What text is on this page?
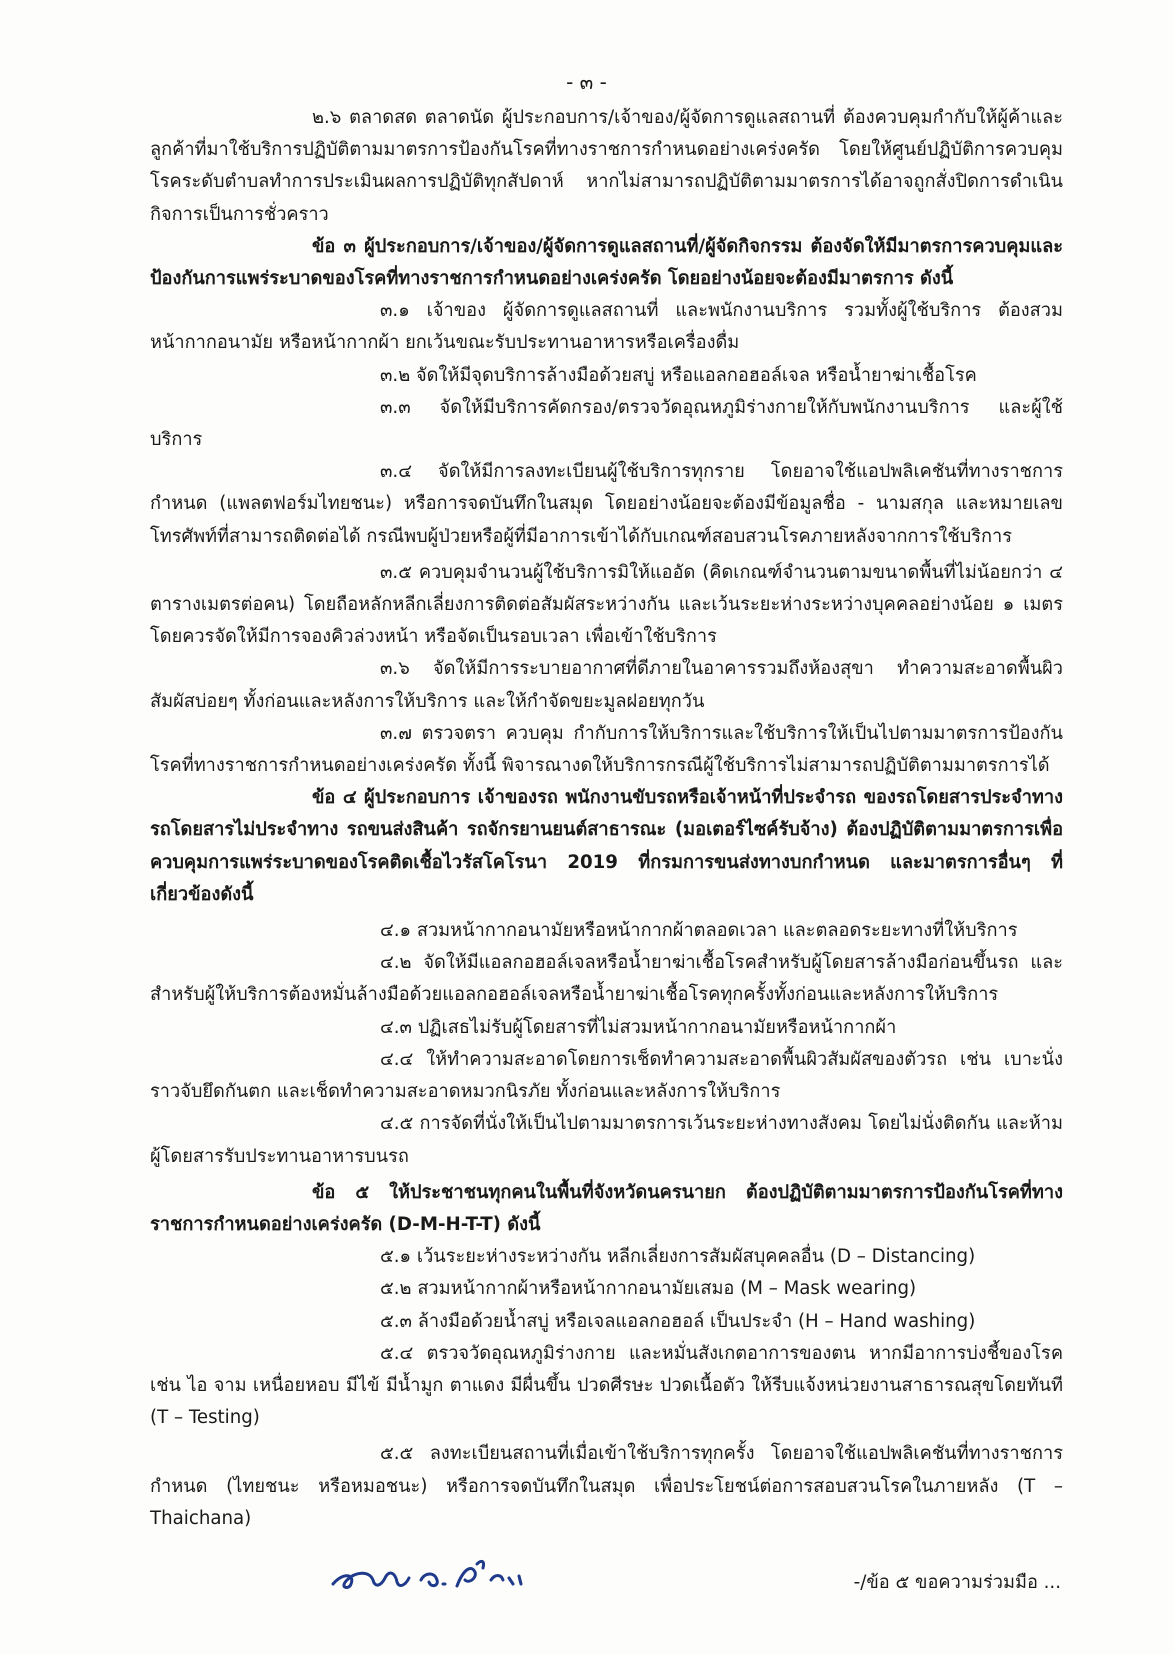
- ๓ -

๒.๖ ตลาดสด ตลาดนัด ผู้ประกอบการ/เจ้าของ/ผู้จัดการดูแลสถานที่ ต้องควบคุมกำกับให้ผู้ค้าและลูกค้าที่มาใช้บริการปฏิบัติตามมาตรการป้องกันโรคที่ทางราชการกำหนดอย่างเคร่งครัด โดยให้ศูนย์ปฏิบัติการควบคุมโรคระดับตำบลทำการประเมินผลการปฏิบัติทุกสัปดาห์ หากไม่สามารถปฏิบัติตามมาตรการได้อาจถูกสั่งปิดการดำเนินกิจการเป็นการชั่วคราว

ข้อ ๓ ผู้ประกอบการ/เจ้าของ/ผู้จัดการดูแลสถานที่/ผู้จัดกิจกรรม ต้องจัดให้มีมาตรการควบคุมและป้องกันการแพร่ระบาดของโรคที่ทางราชการกำหนดอย่างเคร่งครัด โดยอย่างน้อยจะต้องมีมาตรการ ดังนี้

๓.๑ เจ้าของ ผู้จัดการดูแลสถานที่ และพนักงานบริการ รวมทั้งผู้ใช้บริการ ต้องสวมหน้ากากอนามัย หรือหน้ากากผ้า ยกเว้นขณะรับประทานอาหารหรือเครื่องดื่ม

๓.๒ จัดให้มีจุดบริการล้างมือด้วยสบู่ หรือแอลกอฮอล์เจล หรือน้ำยาฆ่าเชื้อโรค

๓.๓ จัดให้มีบริการคัดกรอง/ตรวจวัดอุณหภูมิร่างกายให้กับพนักงานบริการ และผู้ใช้บริการ

๓.๔ จัดให้มีการลงทะเบียนผู้ใช้บริการทุกราย โดยอาจใช้แอปพลิเคชันที่ทางราชการกำหนด (แพลตฟอร์มไทยชนะ) หรือการจดบันทึกในสมุด โดยอย่างน้อยจะต้องมีข้อมูลชื่อ - นามสกุล และหมายเลขโทรศัพท์ที่สามารถติดต่อได้ กรณีพบผู้ป่วยหรือผู้ที่มีอาการเข้าได้กับเกณฑ์สอบสวนโรคภายหลังจากการใช้บริการ

๓.๕ ควบคุมจำนวนผู้ใช้บริการมิให้แออัด (คิดเกณฑ์จำนวนตามขนาดพื้นที่ไม่น้อยกว่า ๔ ตารางเมตรต่อคน) โดยถือหลักหลีกเลี่ยงการติดต่อสัมผัสระหว่างกัน และเว้นระยะห่างระหว่างบุคคลอย่างน้อย ๑ เมตร โดยควรจัดให้มีการจองคิวล่วงหน้า หรือจัดเป็นรอบเวลา เพื่อเข้าใช้บริการ

๓.๖ จัดให้มีการระบายอากาศที่ดีภายในอาคารรวมถึงห้องสุขา ทำความสะอาดพื้นผิวสัมผัสบ่อยๆ ทั้งก่อนและหลังการให้บริการ และให้กำจัดขยะมูลฝอยทุกวัน

๓.๗ ตรวจตรา ควบคุม กำกับการให้บริการและใช้บริการให้เป็นไปตามมาตรการป้องกันโรคที่ทางราชการกำหนดอย่างเคร่งครัด ทั้งนี้ พิจารณางดให้บริการกรณีผู้ใช้บริการไม่สามารถปฏิบัติตามมาตรการได้

ข้อ ๔ ผู้ประกอบการ เจ้าของรถ พนักงานขับรถหรือเจ้าหน้าที่ประจำรถ ของรถโดยสารประจำทาง รถโดยสารไม่ประจำทาง รถขนส่งสินค้า รถจักรยานยนต์สาธารณะ (มอเตอร์ไซค์รับจ้าง) ต้องปฏิบัติตามมาตรการเพื่อควบคุมการแพร่ระบาดของโรคติดเชื้อไวรัสโคโรนา 2019 ที่กรมการขนส่งทางบกกำหนด และมาตรการอื่นๆ ที่เกี่ยวข้องดังนี้

๔.๑ สวมหน้ากากอนามัยหรือหน้ากากผ้าตลอดเวลา และตลอดระยะทางที่ให้บริการ

๔.๒ จัดให้มีแอลกอฮอล์เจลหรือน้ำยาฆ่าเชื้อโรคสำหรับผู้โดยสารล้างมือก่อนขึ้นรถ และสำหรับผู้ให้บริการต้องหมั่นล้างมือด้วยแอลกอฮอล์เจลหรือน้ำยาฆ่าเชื้อโรคทุกครั้งทั้งก่อนและหลังการให้บริการ

๔.๓ ปฏิเสธไม่รับผู้โดยสารที่ไม่สวมหน้ากากอนามัยหรือหน้ากากผ้า

๔.๔ ให้ทำความสะอาดโดยการเช็ดทำความสะอาดพื้นผิวสัมผัสของตัวรถ เช่น เบาะนั่ง ราวจับยึดกันตก และเช็ดทำความสะอาดหมวกนิรภัย ทั้งก่อนและหลังการให้บริการ

๔.๕ การจัดที่นั่งให้เป็นไปตามมาตรการเว้นระยะห่างทางสังคม โดยไม่นั่งติดกัน และห้ามผู้โดยสารรับประทานอาหารบนรถ

ข้อ ๕ ให้ประชาชนทุกคนในพื้นที่จังหวัดนครนายก ต้องปฏิบัติตามมาตรการป้องกันโรคที่ทางราชการกำหนดอย่างเคร่งครัด (D-M-H-T-T) ดังนี้

๕.๑ เว้นระยะห่างระหว่างกัน หลีกเลี่ยงการสัมผัสบุคคลอื่น (D – Distancing)

๕.๒ สวมหน้ากากผ้าหรือหน้ากากอนามัยเสมอ (M – Mask wearing)

๕.๓ ล้างมือด้วยน้ำสบู่ หรือเจลแอลกอฮอล์ เป็นประจำ (H – Hand washing)

๕.๔ ตรวจวัดอุณหภูมิร่างกาย และหมั่นสังเกตอาการของตน หากมีอาการบ่งชี้ของโรค เช่น ไอ จาม เหนื่อยหอบ มีไข้ มีน้ำมูก ตาแดง มีผื่นขึ้น ปวดศีรษะ ปวดเนื้อตัว ให้รีบแจ้งหน่วยงานสาธารณสุขโดยทันที (T – Testing)

๕.๕ ลงทะเบียนสถานที่เมื่อเข้าใช้บริการทุกครั้ง โดยอาจใช้แอปพลิเคชันที่ทางราชการกำหนด (ไทยชนะ หรือหมอชนะ) หรือการจดบันทึกในสมุด เพื่อประโยชน์ต่อการสอบสวนโรคในภายหลัง (T – Thaichana)

-/ข้อ ๕ ขอความร่วมมือ ...
